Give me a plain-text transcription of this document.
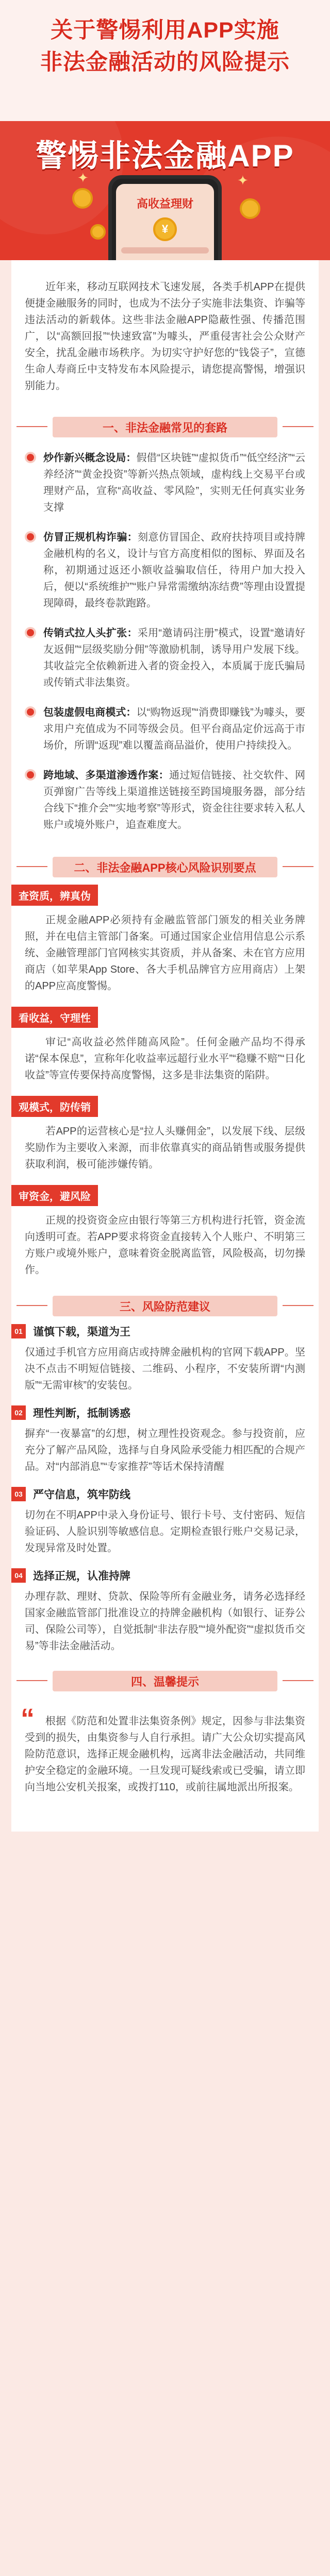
关于警惕利用APP实施
非法金融活动的风险提示
警惕非法金融APP
高收益理财
¥
✦
✦

近年来，移动互联网技术飞速发展，各类手机APP在提供便捷金融服务的同时，也成为不法分子实施非法集资、诈骗等违法活动的新载体。这些非法金融APP隐蔽性强、传播范围广，以“高额回报”“快速致富”为噱头，严重侵害社会公众财产安全，扰乱金融市场秩序。为切实守护好您的“钱袋子”，宣德生命人寿商丘中支特发布本风险提示，请您提高警惕，增强识别能力。

一、非法金融常见的套路
炒作新兴概念设局：假借“区块链”“虚拟货币”“低空经济”“云养经济”“黄金投资”等新兴热点领域，虚构线上交易平台或理财产品，宣称“高收益、零风险”，实则无任何真实业务支撑
仿冒正规机构诈骗：刻意仿冒国企、政府扶持项目或持牌金融机构的名义，设计与官方高度相似的图标、界面及名称，初期通过返还小额收益骗取信任，待用户加大投入后，便以“系统维护”“账户异常需缴纳冻结费”等理由设置提现障碍，最终卷款跑路。
传销式拉人头扩张：采用“邀请码注册”模式，设置“邀请好友返佣”“层级奖励分佣”等激励机制，诱导用户发展下线。其收益完全依赖新进入者的资金投入，本质属于庞氏骗局或传销式非法集资。
包装虚假电商模式：以“购物返现”“消费即赚钱”为噱头，要求用户充值成为不同等级会员。但平台商品定价远高于市场价，所谓“返现”难以覆盖商品溢价，使用户持续投入。
跨地域、多渠道渗透作案：通过短信链接、社交软件、网页弹窗广告等线上渠道推送链接至跨国境服务器，部分结合线下“推介会”“实地考察”等形式，资金往往要求转入私人账户或境外账户，追查难度大。
二、非法金融APP核心风险识别要点
查资质，辨真伪

正规金融APP必须持有金融监管部门颁发的相关业务牌照，并在电信主管部门备案。可通过国家企业信用信息公示系统、金融管理部门官网核实其资质，并从备案、未在官方应用商店（如苹果App Store、各大手机品牌官方应用商店）上架的APP应高度警惕。

看收益，守理性

审记“高收益必然伴随高风险”。任何金融产品均不得承诺“保本保息”，宣称年化收益率远超行业水平”“稳赚不赔”“日化收益”等宣传要保持高度警惕，这多是非法集资的陷阱。

观模式，防传销

若APP的运营核心是“拉人头赚佣金”，以发展下线、层级奖励作为主要收入来源，而非依靠真实的商品销售或服务提供获取利润，极可能涉嫌传销。

审资金，避风险

正规的投资资金应由银行等第三方机构进行托管，资金流向透明可查。若APP要求将资金直接转入个人账户、不明第三方账户或境外账户，意味着资金脱离监管，风险极高，切勿操作。

三、风险防范建议
01 谨慎下载，渠道为王

仅通过手机官方应用商店或持牌金融机构的官网下载APP。坚决不点击不明短信链接、二维码、小程序，不安装所谓“内测版”“无需审核”的安装包。

02 理性判断，抵制诱惑

摒弃“一夜暴富”的幻想，树立理性投资观念。参与投资前，应充分了解产品风险，选择与自身风险承受能力相匹配的合规产品。对“内部消息”“专家推荐”等话术保持清醒

03 严守信息，筑牢防线

切勿在不明APP中录入身份证号、银行卡号、支付密码、短信验证码、人脸识别等敏感信息。定期检查银行账户交易记录，发现异常及时处置。

04 选择正规，认准持牌

办理存款、理财、贷款、保险等所有金融业务，请务必选择经国家金融监管部门批准设立的持牌金融机构（如银行、证券公司、保险公司等），自觉抵制“非法存股”“境外配资”“虚拟货币交易”等非法金融活动。

四、温馨提示
“	根据《防范和处置非法集资条例》规定，因参与非法集资受到的损失，由集资参与人自行承担。请广大公众切实提高风险防范意识，选择正规金融机构，远离非法金融活动，共同维护安全稳定的金融环境。一旦发现可疑线索或已受骗，请立即向当地公安机关报案，或拨打110，或前往属地派出所报案。
